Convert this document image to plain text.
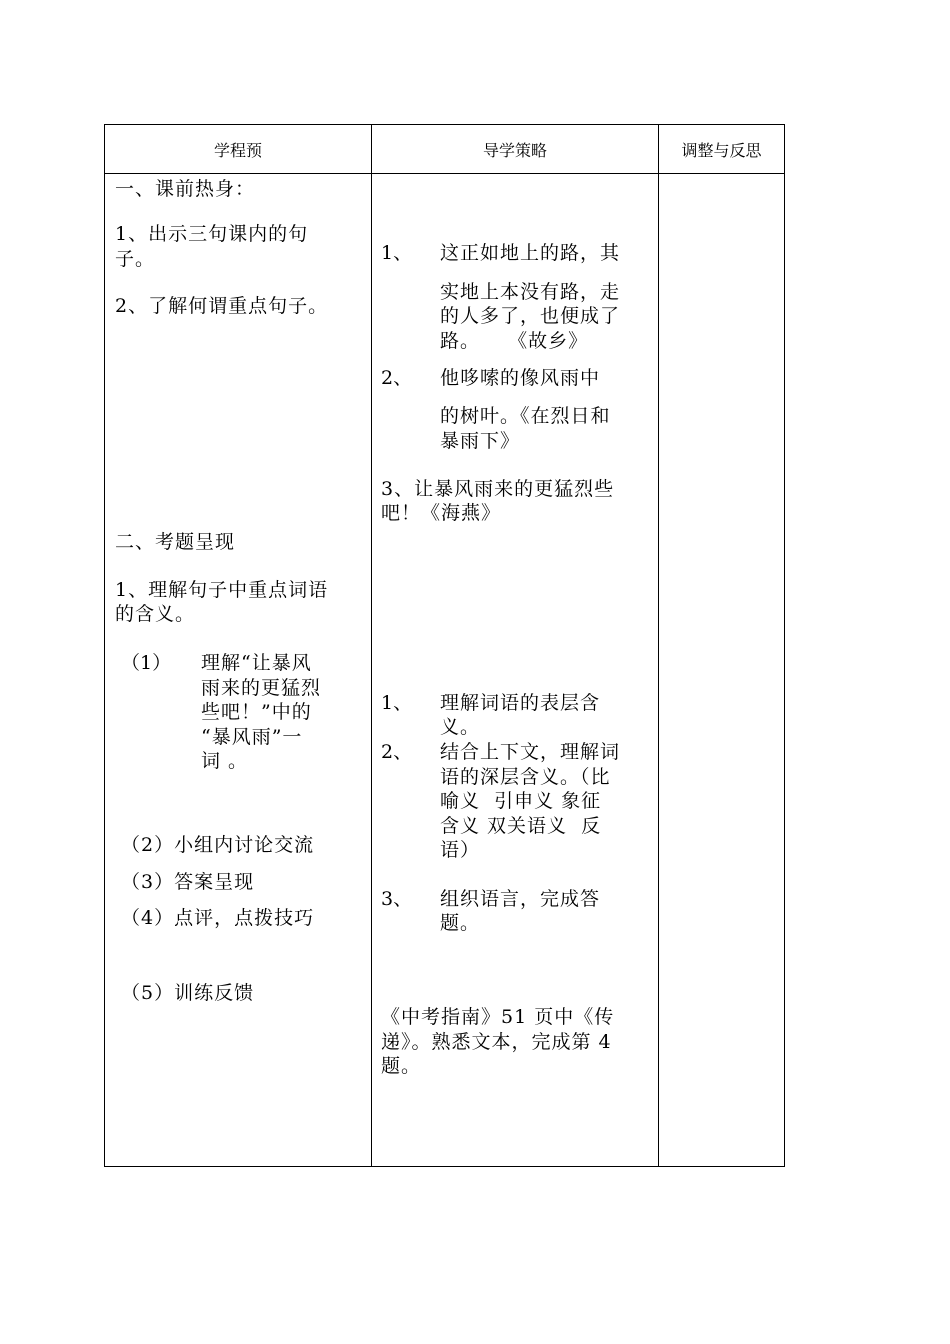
学程预	导学策略	调整与反思
一、课前热身：
1、出示三句课内的句
子。
2、了解何谓重点句子。
二、考题呈现
1、理解句子中重点词语
的含义。
（1） 理解“让暴风
雨来的更猛烈
些吧！”中的
“暴风雨”一
词 。
（2）小组内讨论交流
（3）答案呈现
（4）点评，点拨技巧
（5）训练反馈
1、 这正如地上的路，其
实地上本没有路，走
的人多了，也便成了
路。    《故乡》
2、 他哆嗦的像风雨中
的树叶。《在烈日和
暴雨下》
3、让暴风雨来的更猛烈些
吧！《海燕》
1、 理解词语的表层含
义。
2、 结合上下文，理解词
语的深层含义。（比
喻义  引申义 象征
含义 双关语义  反
语）
3、 组织语言，完成答
题。
《中考指南》51 页中《传
递》。熟悉文本，完成第 4
题。
